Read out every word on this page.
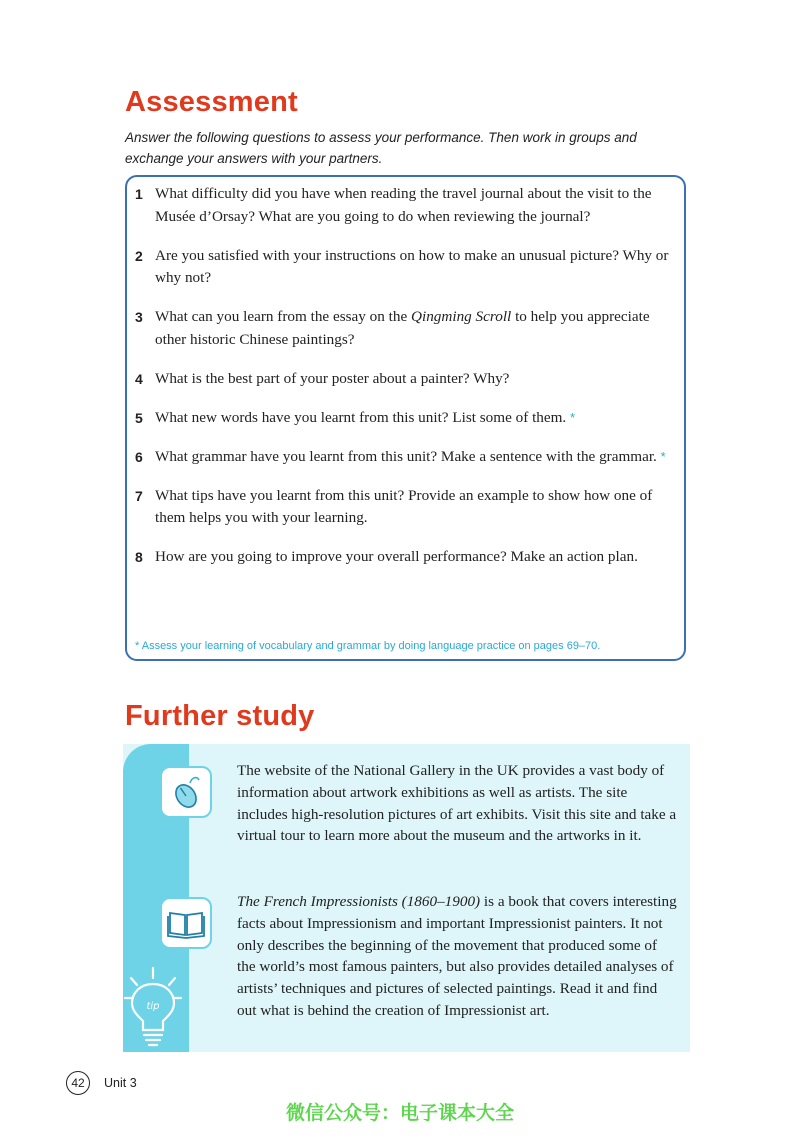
Assessment
Answer the following questions to assess your performance. Then work in groups and exchange your answers with your partners.
1 What difficulty did you have when reading the travel journal about the visit to the Musée d’Orsay? What are you going to do when reviewing the journal?
2 Are you satisfied with your instructions on how to make an unusual picture? Why or why not?
3 What can you learn from the essay on the Qingming Scroll to help you appreciate other historic Chinese paintings?
4 What is the best part of your poster about a painter? Why?
5 What new words have you learnt from this unit? List some of them. *
6 What grammar have you learnt from this unit? Make a sentence with the grammar. *
7 What tips have you learnt from this unit? Provide an example to show how one of them helps you with your learning.
8 How are you going to improve your overall performance? Make an action plan.
* Assess your learning of vocabulary and grammar by doing language practice on pages 69–70.
Further study
tip

The website of the National Gallery in the UK provides a vast body of information about artwork exhibitions as well as artists. The site includes high-resolution pictures of art exhibits. Visit this site and take a virtual tour to learn more about the museum and the artworks in it.

The French Impressionists (1860–1900) is a book that covers interesting facts about Impressionism and important Impressionist painters. It not only describes the beginning of the movement that produced some of the world’s most famous painters, but also provides detailed analyses of artists’ techniques and pictures of selected paintings. Read it and find out what is behind the creation of Impressionist art.

42	Unit 3
微信公众号：电子课本大全
